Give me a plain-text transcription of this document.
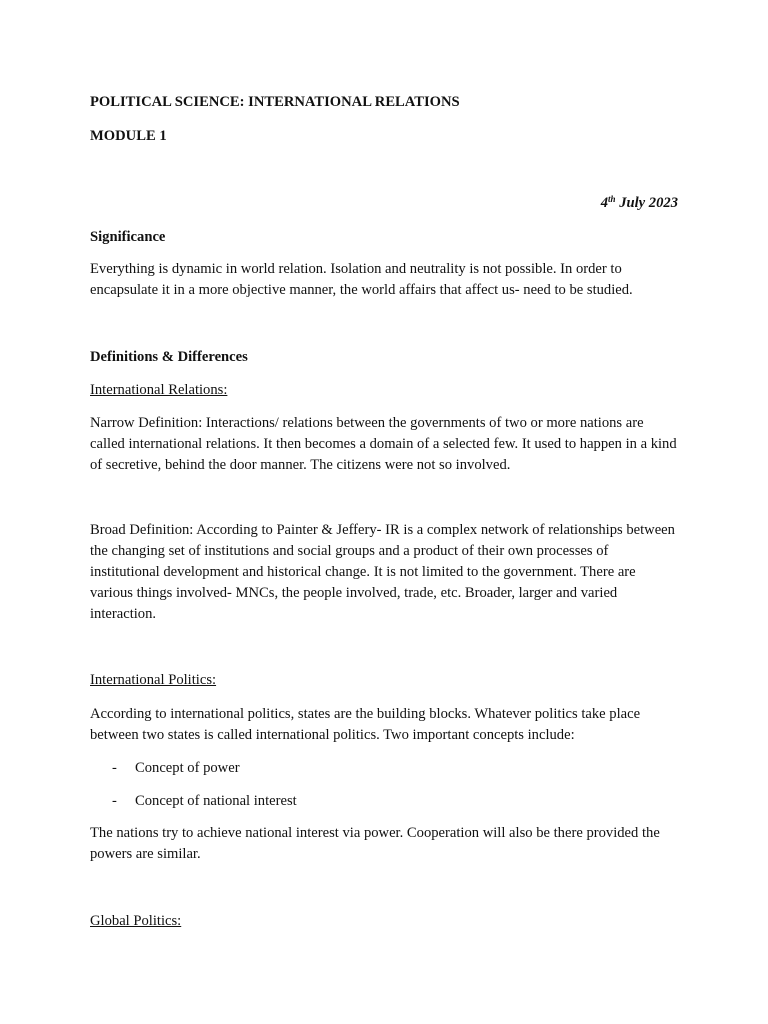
POLITICAL SCIENCE: INTERNATIONAL RELATIONS

MODULE 1

4th July 2023

Significance

Everything is dynamic in world relation. Isolation and neutrality is not possible. In order to encapsulate it in a more objective manner, the world affairs that affect us- need to be studied.

Definitions & Differences

International Relations:

Narrow Definition: Interactions/ relations between the governments of two or more nations are called international relations. It then becomes a domain of a selected few. It used to happen in a kind of secretive, behind the door manner. The citizens were not so involved.

Broad Definition: According to Painter & Jeffery- IR is a complex network of relationships between the changing set of institutions and social groups and a product of their own processes of institutional development and historical change. It is not limited to the government. There are various things involved- MNCs, the people involved, trade, etc. Broader, larger and varied interaction.

International Politics:

According to international politics, states are the building blocks. Whatever politics take place between two states is called international politics. Two important concepts include:

- Concept of power
- Concept of national interest

The nations try to achieve national interest via power. Cooperation will also be there provided the powers are similar.

Global Politics:
